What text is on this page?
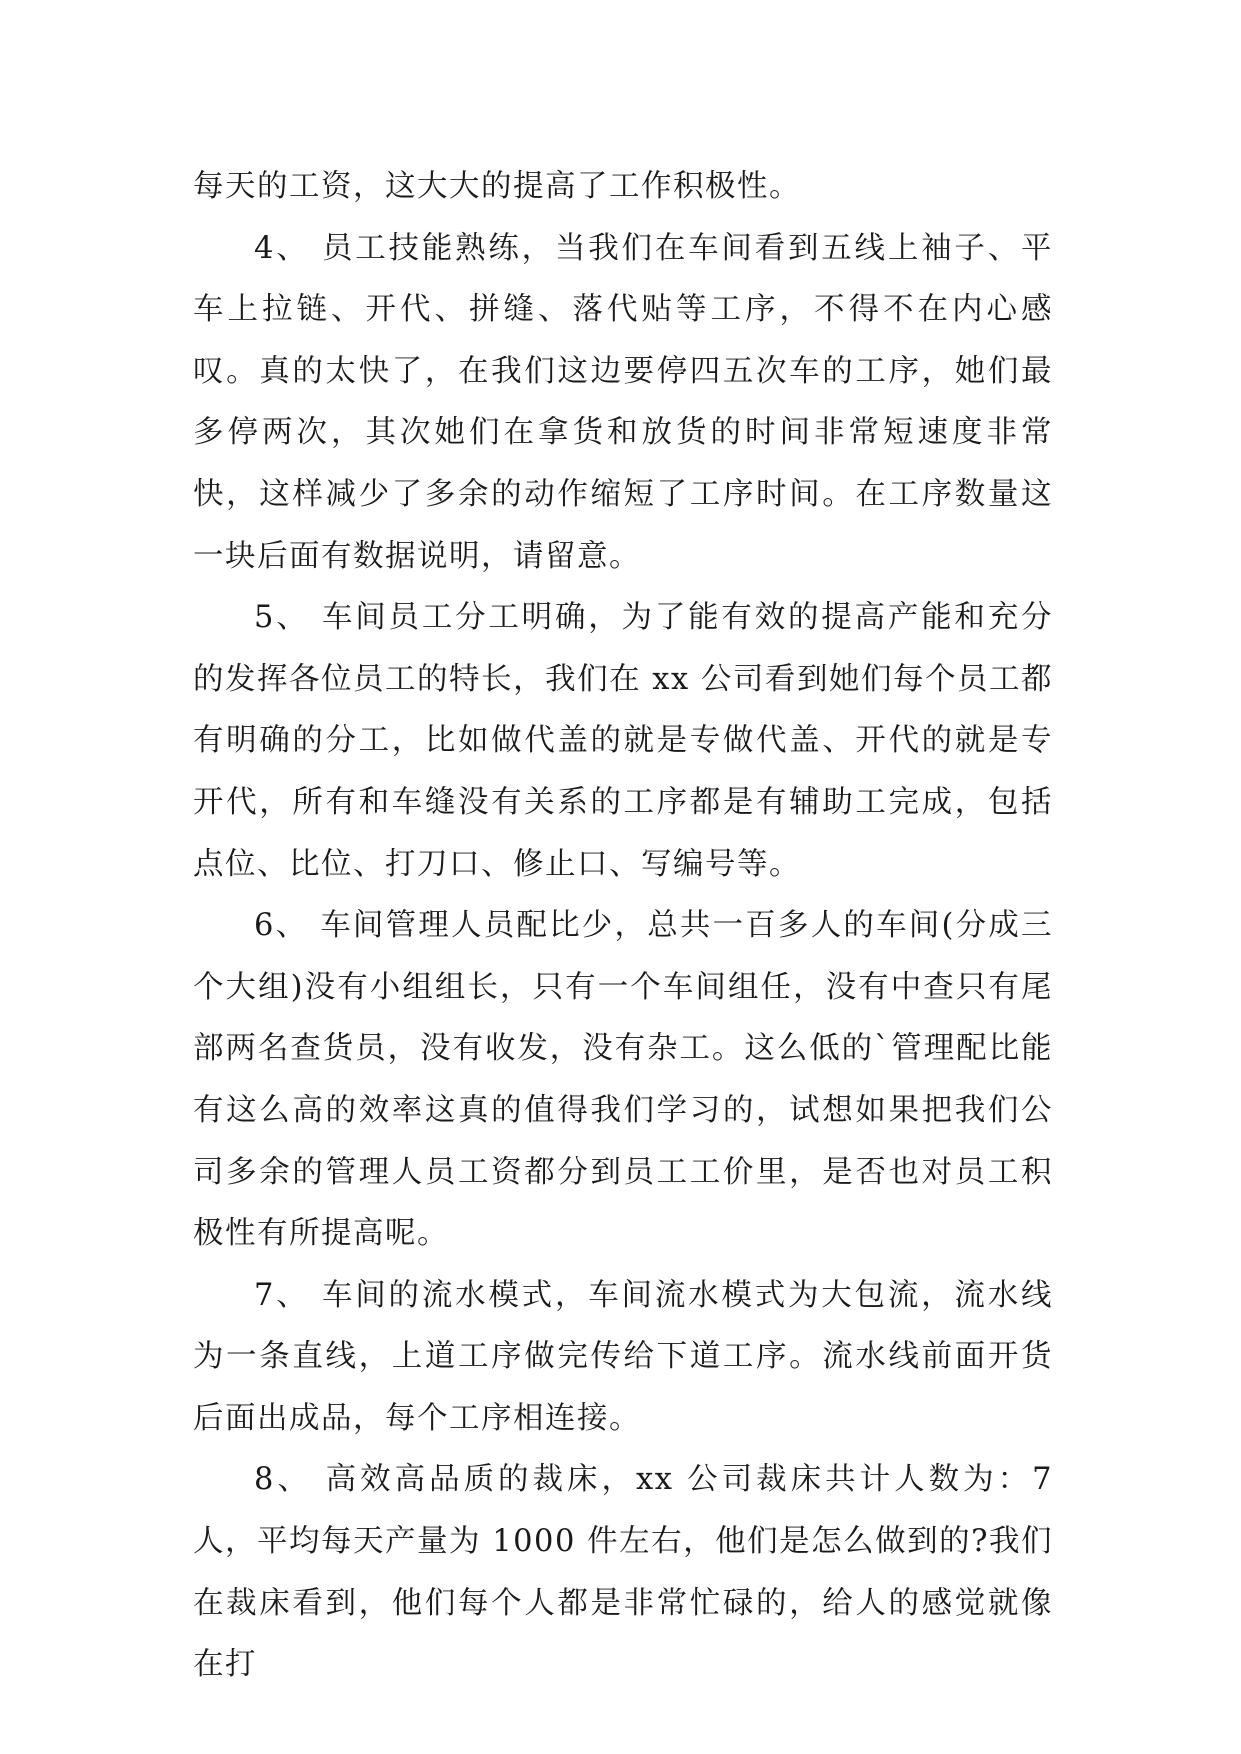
每天的工资，这大大的提高了工作积极性。

4、 员工技能熟练，当我们在车间看到五线上袖子、平车上拉链、开代、拼缝、落代贴等工序，不得不在内心感叹。真的太快了，在我们这边要停四五次车的工序，她们最多停两次，其次她们在拿货和放货的时间非常短速度非常快，这样减少了多余的动作缩短了工序时间。在工序数量这一块后面有数据说明，请留意。

5、 车间员工分工明确，为了能有效的提高产能和充分的发挥各位员工的特长，我们在 xx 公司看到她们每个员工都有明确的分工，比如做代盖的就是专做代盖、开代的就是专开代，所有和车缝没有关系的工序都是有辅助工完成，包括点位、比位、打刀口、修止口、写编号等。

6、 车间管理人员配比少，总共一百多人的车间(分成三个大组)没有小组组长，只有一个车间组任，没有中查只有尾部两名查货员，没有收发，没有杂工。这么低的`管理配比能有这么高的效率这真的值得我们学习的，试想如果把我们公司多余的管理人员工资都分到员工工价里，是否也对员工积极性有所提高呢。

7、 车间的流水模式，车间流水模式为大包流，流水线为一条直线，上道工序做完传给下道工序。流水线前面开货后面出成品，每个工序相连接。

8、 高效高品质的裁床，xx 公司裁床共计人数为：7 人，平均每天产量为 1000 件左右，他们是怎么做到的?我们在裁床看到，他们每个人都是非常忙碌的，给人的感觉就像在打
